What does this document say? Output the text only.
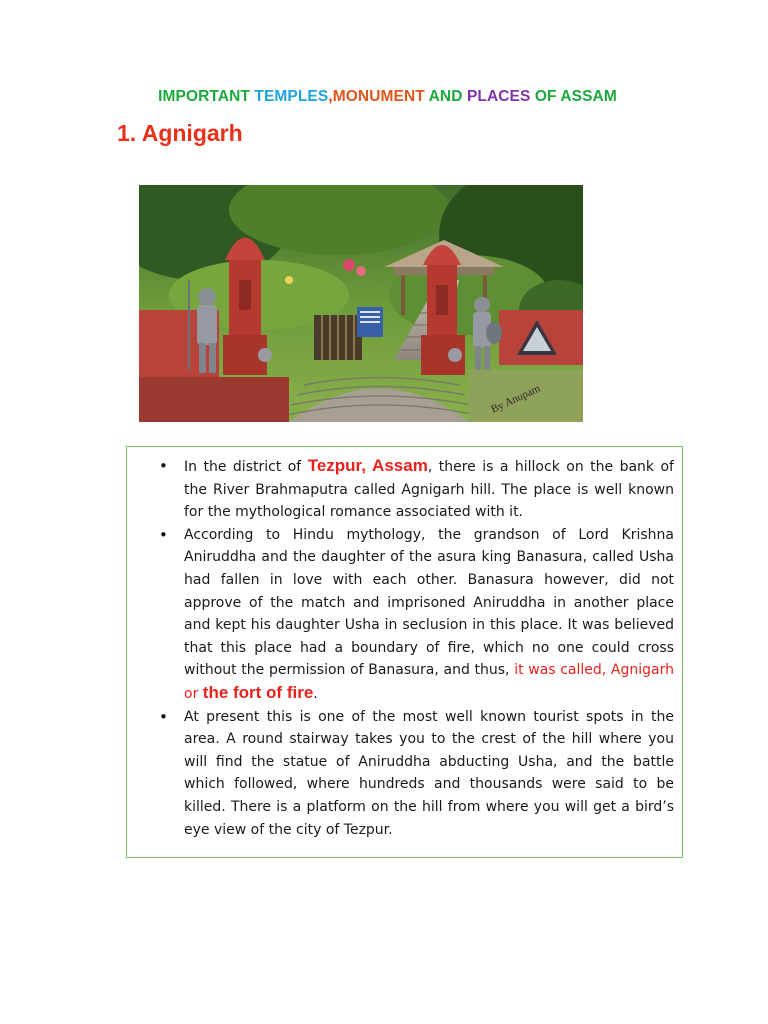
IMPORTANT TEMPLES,MONUMENT AND PLACES OF ASSAM
1. Agnigarh
By Anupam
• In the district of Tezpur, Assam, there is a hillock on the bank of the River Brahmaputra called Agnigarh hill. The place is well known for the mythological romance associated with it.
• According to Hindu mythology, the grandson of Lord Krishna Aniruddha and the daughter of the asura king Banasura, called Usha had fallen in love with each other. Banasura however, did not approve of the match and imprisoned Aniruddha in another place and kept his daughter Usha in seclusion in this place. It was believed that this place had a boundary of fire, which no one could cross without the permission of Banasura, and thus, it was called, Agnigarh or the fort of fire.
• At present this is one of the most well known tourist spots in the area. A round stairway takes you to the crest of the hill where you will find the statue of Aniruddha abducting Usha, and the battle which followed, where hundreds and thousands were said to be killed. There is a platform on the hill from where you will get a bird’s eye view of the city of Tezpur.
